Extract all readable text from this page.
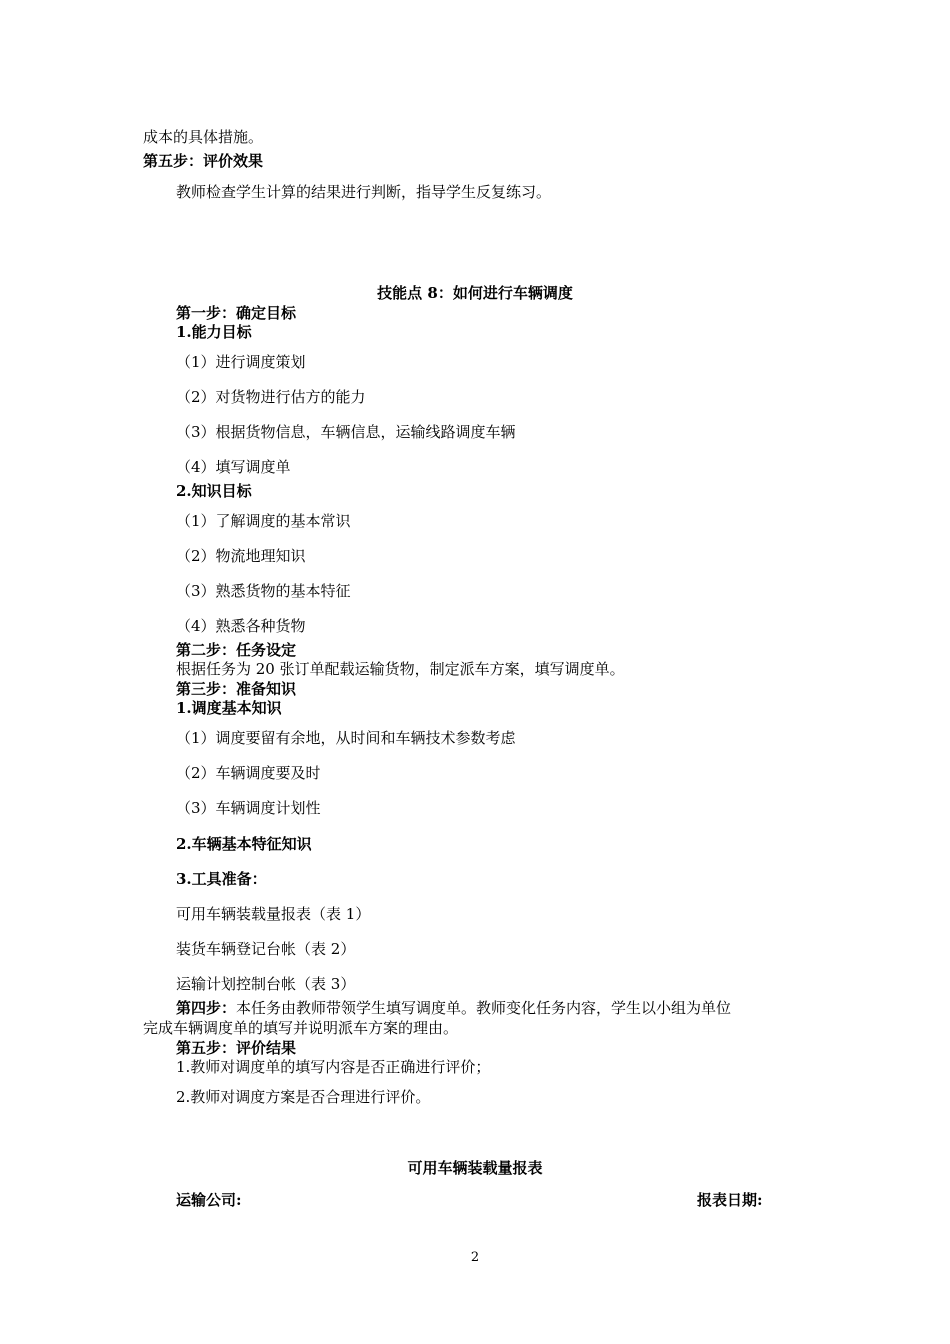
成本的具体措施。
第五步：评价效果
教师检查学生计算的结果进行判断，指导学生反复练习。
技能点 8：如何进行车辆调度
第一步：确定目标
1.能力目标
（1）进行调度策划
（2）对货物进行估方的能力
（3）根据货物信息，车辆信息，运输线路调度车辆
（4）填写调度单
2.知识目标
（1）了解调度的基本常识
（2）物流地理知识
（3）熟悉货物的基本特征
（4）熟悉各种货物
第二步：任务设定
根据任务为 20 张订单配载运输货物，制定派车方案，填写调度单。
第三步：准备知识
1.调度基本知识
（1）调度要留有余地，从时间和车辆技术参数考虑
（2）车辆调度要及时
（3）车辆调度计划性
2.车辆基本特征知识
3.工具准备：
可用车辆装载量报表（表 1）
装货车辆登记台帐（表 2）
运输计划控制台帐（表 3）
第四步：本任务由教师带领学生填写调度单。教师变化任务内容，学生以小组为单位
完成车辆调度单的填写并说明派车方案的理由。
第五步：评价结果
1.教师对调度单的填写内容是否正确进行评价；
2.教师对调度方案是否合理进行评价。
可用车辆装载量报表
运输公司:	报表日期:
2
